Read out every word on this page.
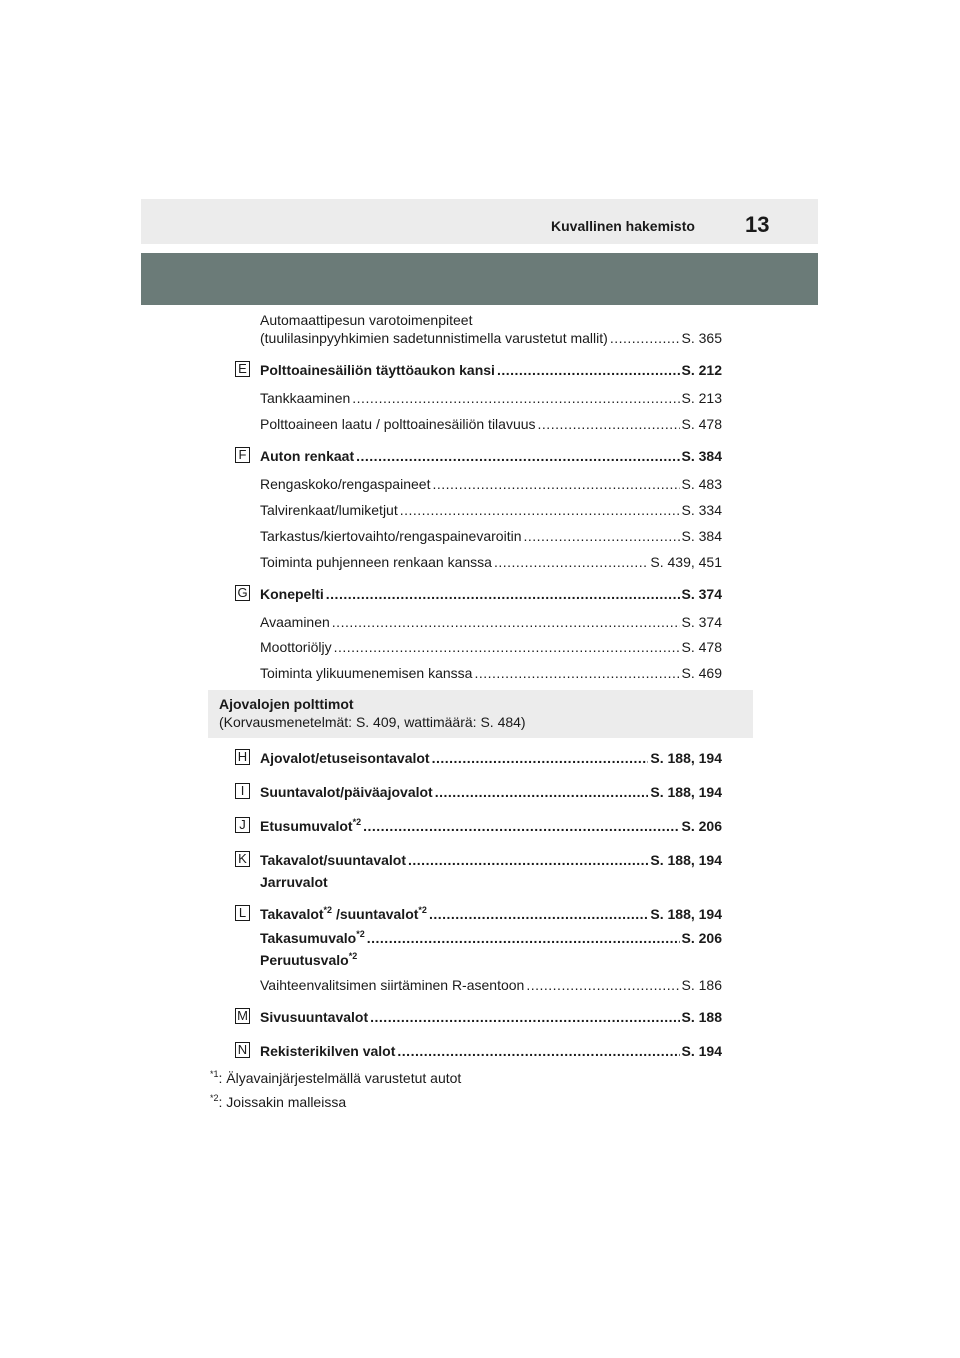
Kuvallinen hakemisto 13
Automaattipesun varotoimenpiteet
(tuulilasinpyyhkimien sadetunnistimella varustetut mallit) .....	S. 365
E Polttoainesäiliön täyttöaukon kansi .....	S. 212
Tankkaaminen .....	S. 213
Polttoaineen laatu / polttoainesäiliön tilavuus .....	S. 478
F Auton renkaat .....	S. 384
Rengaskoko/rengaspaineet .....	S. 483
Talvirenkaat/lumiketjut .....	S. 334
Tarkastus/kiertovaihto/rengaspainevaroitin .....	S. 384
Toiminta puhjenneen renkaan kanssa .....	S. 439, 451
G Konepelti .....	S. 374
Avaaminen .....	S. 374
Moottoriöljy .....	S. 478
Toiminta ylikuumenemisen kanssa .....	S. 469
Ajovalojen polttimot
(Korvausmenetelmät: S. 409, wattimäärä: S. 484)
H Ajovalot/etuseisontavalot .....	S. 188, 194
I	Suuntavalot/päiväajovalot .....	S. 188, 194
J	Etusumuvalot$^{*2}$ .....	S. 206
K Takavalot/suuntavalot .....	S. 188, 194
Jarruvalot
L Takavalot$^{*2}$ /suuntavalot$^{*2}$ .....	S. 188, 194
Takasumuvalo$^{*2}$ .....	S. 206
Peruutusvalo$^{*2}$
Vaihteenvalitsimen siirtäminen R-asentoon .....	S. 186
M Sivusuuntavalot .....	S. 188
N Rekisterikilven valot .....	S. 194
$^{*1}$: Älyavainjärjestelmällä varustetut autot
$^{*2}$: Joissakin malleissa
